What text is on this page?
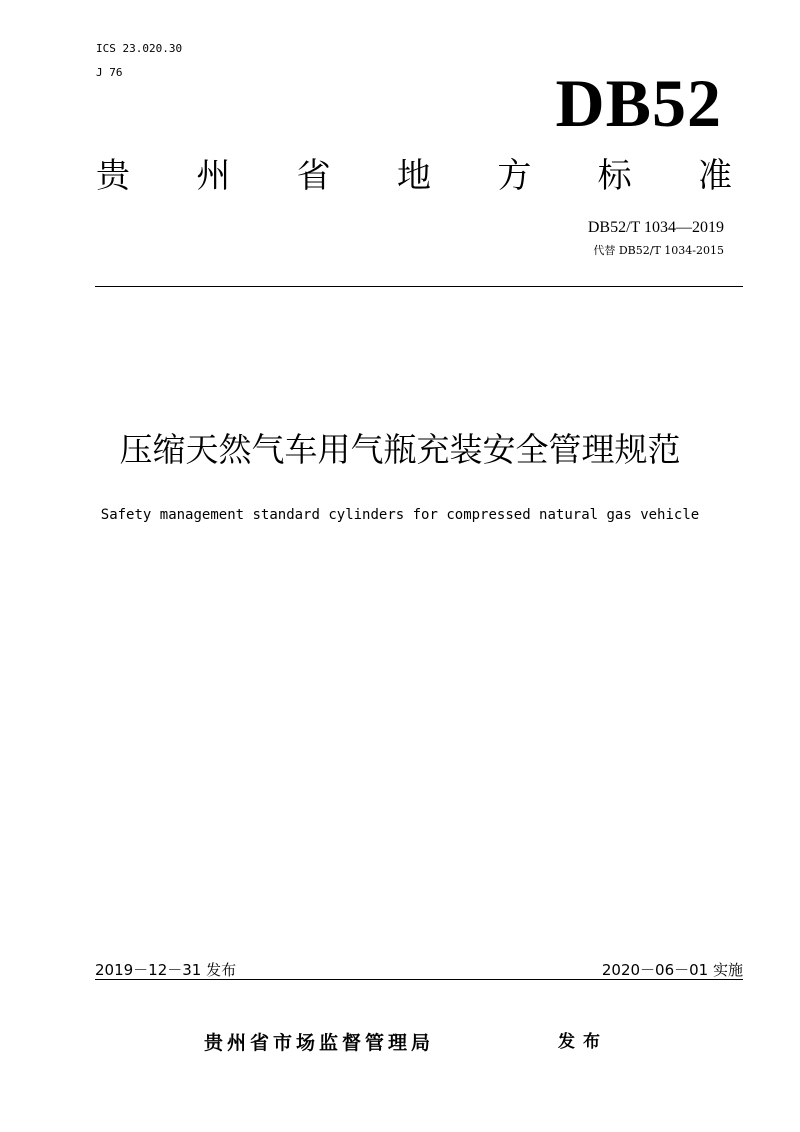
ICS 23.020.30
J 76	DB52
贵 州 省 地 方 标 准
DB52/T 1034—2019
代替 DB52/T 1034-2015
压缩天然气车用气瓶充装安全管理规范
Safety management standard cylinders for compressed natural gas vehicle
2019－12－31 发布	2020－06－01 实施
贵州省市场监督管理局	发布
